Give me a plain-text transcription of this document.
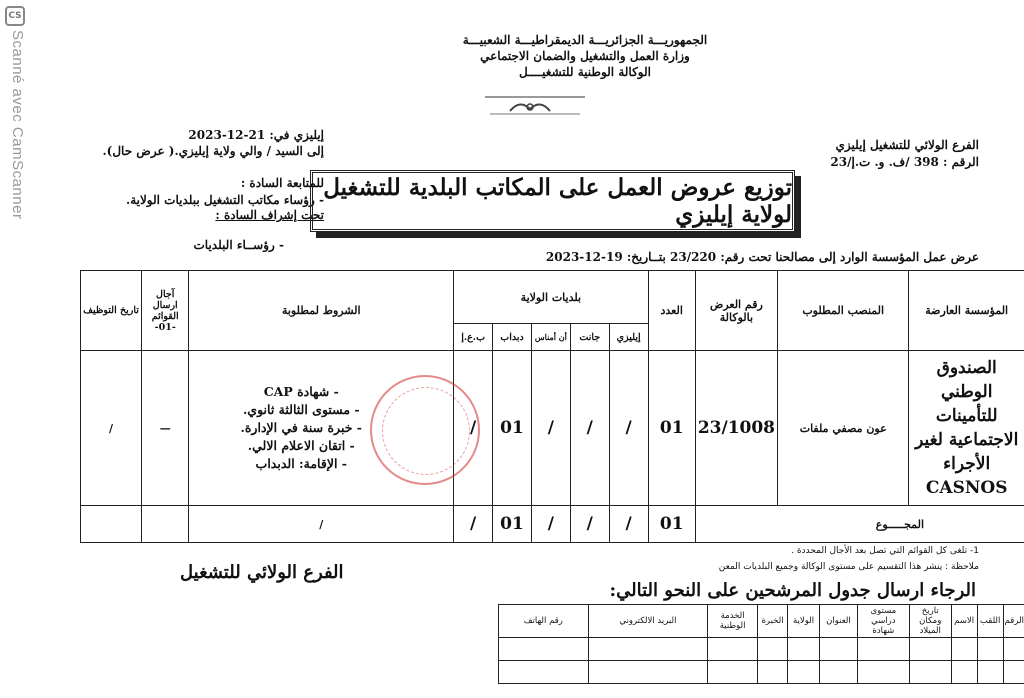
CS
Scanné avec CamScanner	الجمهوريـــة الجزائريـــة الديمقراطيـــة الشعبيـــة
وزارة العمل والتشغيل والضمان الاجتماعي
الوكالة الوطنية للتشغيــــل
الفرع الولائي للتشغيل إيليزي
الرقم : 398 /ف. و. ت.إ/23
إيليزي في: 21-12-2023
إلى السيد / والي ولاية إيليزي.( عرض حال).
للمتابعة السادة :
- رؤساء مكاتب التشغيل ببلديات الولاية.
تحت إشراف السادة :
- رؤســاء البلديات
توزيع عروض العمل على المكاتب البلدية للتشغيل لولاية إيليزي
عرض عمل المؤسسة الوارد إلى مصالحنا تحت رقم: 23/220 بتــاريخ: 19-12-2023
المؤسسة العارضة	المنصب المطلوب	رقم العرض بالوكالة	العدد	بلديات الولاية					الشروط لمطلوبة	آجال ارسال القوائم -01-	تاريخ التوظيف
				إيليزي	جانت	أن أمناس	دبداب	ب.ع.إ			
الصندوق الوطني للتأمينات الاجتماعية لغير الأجراء CASNOS	عون مصفي ملفات	23/1008	01	/	/	/	01	/	- شهادة CAP
- مستوى الثالثة ثانوي.
- خبرة سنة في الإدارة.
- اتقان الاعلام الالي.
- الإقامة: الدبداب	—	/
المجـــــوع			01	/	/	/	01	/	/		
1- تلغى كل القوائم التي تصل بعد الأجال المحددة .
ملاحظة : ينشر هذا التقسيم على مستوى الوكالة وجميع البلديات المعن
الفرع الولائي للتشغيل
الرجاء ارسال جدول المرشحين على النحو التالي:
الرقم	اللقب	الاسم	تاريخ ومكان الميلاد	مستوى دراسي شهادة	العنوان	الولاية	الخبرة	الخدمة الوطنية	البريد الالكتروني	رقم الهاتف
